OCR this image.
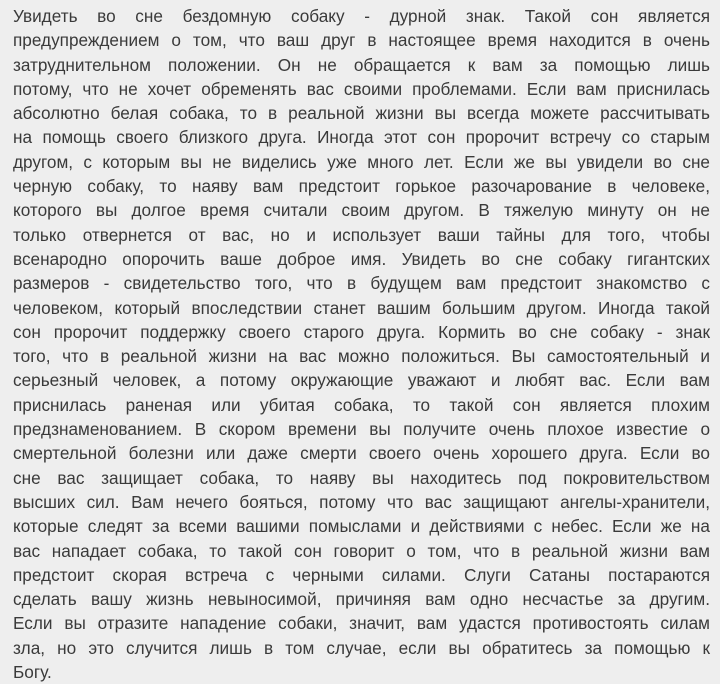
Увидеть во сне бездомную собаку - дурной знак. Такой сон является
предупреждением о том, что ваш друг в настоящее время находится в очень
затруднительном положении. Он не обращается к вам за помощью лишь
потому, что не хочет обременять вас своими проблемами. Если вам приснилась
абсолютно белая собака, то в реальной жизни вы всегда можете рассчитывать
на помощь своего близкого друга. Иногда этот сон пророчит встречу со старым
другом, с которым вы не виделись уже много лет. Если же вы увидели во сне
черную собаку, то наяву вам предстоит горькое разочарование в человеке,
которого вы долгое время считали своим другом. В тяжелую минуту он не
только отвернется от вас, но и использует ваши тайны для того, чтобы
всенародно опорочить ваше доброе имя. Увидеть во сне собаку гигантских
размеров - свидетельство того, что в будущем вам предстоит знакомство с
человеком, который впоследствии станет вашим большим другом. Иногда такой
сон пророчит поддержку своего старого друга. Кормить во сне собаку - знак
того, что в реальной жизни на вас можно положиться. Вы самостоятельный и
серьезный человек, а потому окружающие уважают и любят вас. Если вам
приснилась раненая или убитая собака, то такой сон является плохим
предзнаменованием. В скором времени вы получите очень плохое известие о
смертельной болезни или даже смерти своего очень хорошего друга. Если во
сне вас защищает собака, то наяву вы находитесь под покровительством
высших сил. Вам нечего бояться, потому что вас защищают ангелы-хранители,
которые следят за всеми вашими помыслами и действиями с небес. Если же на
вас нападает собака, то такой сон говорит о том, что в реальной жизни вам
предстоит скорая встреча с черными силами. Слуги Сатаны постараются
сделать вашу жизнь невыносимой, причиняя вам одно несчастье за другим.
Если вы отразите нападение собаки, значит, вам удастся противостоять силам
зла, но это случится лишь в том случае, если вы обратитесь за помощью к
Богу.
